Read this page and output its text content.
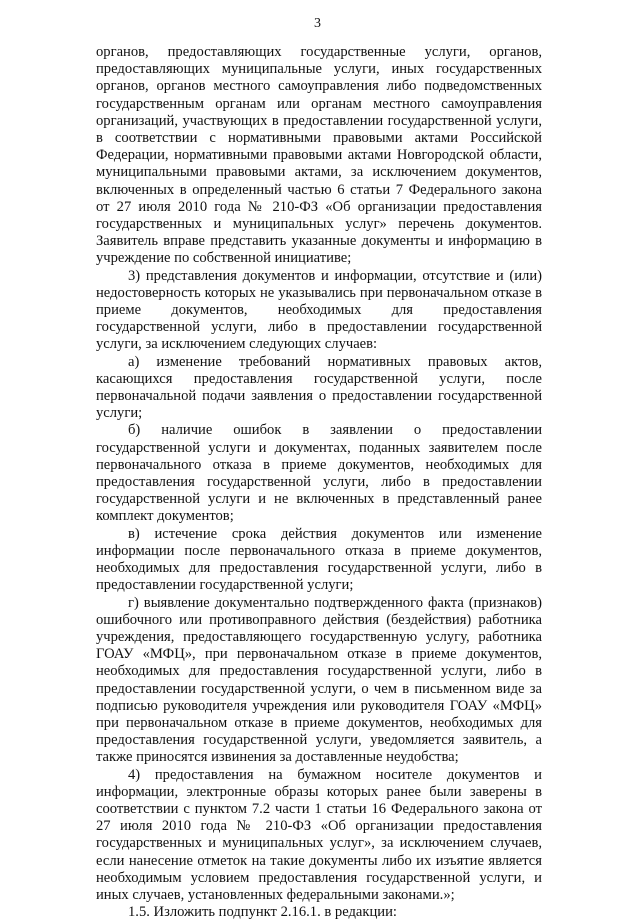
3

органов, предоставляющих государственные услуги, органов, предоставляющих муниципальные услуги, иных государственных органов, органов местного самоуправления либо подведомственных государственным органам или органам местного самоуправления организаций, участвующих в предоставлении государственной услуги, в соответствии с нормативными правовыми актами Российской Федерации, нормативными правовыми актами Новгородской области, муниципальными правовыми актами, за исключением документов, включенных в определенный частью 6 статьи 7 Федерального закона от 27 июля 2010 года № 210-ФЗ «Об организации предоставления государственных и муниципальных услуг» перечень документов. Заявитель вправе представить указанные документы и информацию в учреждение по собственной инициативе;

3) представления документов и информации, отсутствие и (или) недостоверность которых не указывались при первоначальном отказе в приеме документов, необходимых для предоставления государственной услуги, либо в предоставлении государственной услуги, за исключением следующих случаев:

а) изменение требований нормативных правовых актов, касающихся предоставления государственной услуги, после первоначальной подачи заявления о предоставлении государственной услуги;

б) наличие ошибок в заявлении о предоставлении государственной услуги и документах, поданных заявителем после первоначального отказа в приеме документов, необходимых для предоставления государственной услуги, либо в предоставлении государственной услуги и не включенных в представленный ранее комплект документов;

в) истечение срока действия документов или изменение информации после первоначального отказа в приеме документов, необходимых для предоставления государственной услуги, либо в предоставлении государственной услуги;

г) выявление документально подтвержденного факта (признаков) ошибочного или противоправного действия (бездействия) работника учреждения, предоставляющего государственную услугу, работника ГОАУ «МФЦ», при первоначальном отказе в приеме документов, необходимых для предоставления государственной услуги, либо в предоставлении государственной услуги, о чем в письменном виде за подписью руководителя учреждения или руководителя ГОАУ «МФЦ» при первоначальном отказе в приеме документов, необходимых для предоставления государственной услуги, уведомляется заявитель, а также приносятся извинения за доставленные неудобства;

4) предоставления на бумажном носителе документов и информации, электронные образы которых ранее были заверены в соответствии с пунктом 7.2 части 1 статьи 16 Федерального закона от 27 июля 2010 года № 210-ФЗ «Об организации предоставления государственных и муниципальных услуг», за исключением случаев, если нанесение отметок на такие документы либо их изъятие является необходимым условием предоставления государственной услуги, и иных случаев, установленных федеральными законами.»;

1.5. Изложить подпункт 2.16.1. в редакции:
